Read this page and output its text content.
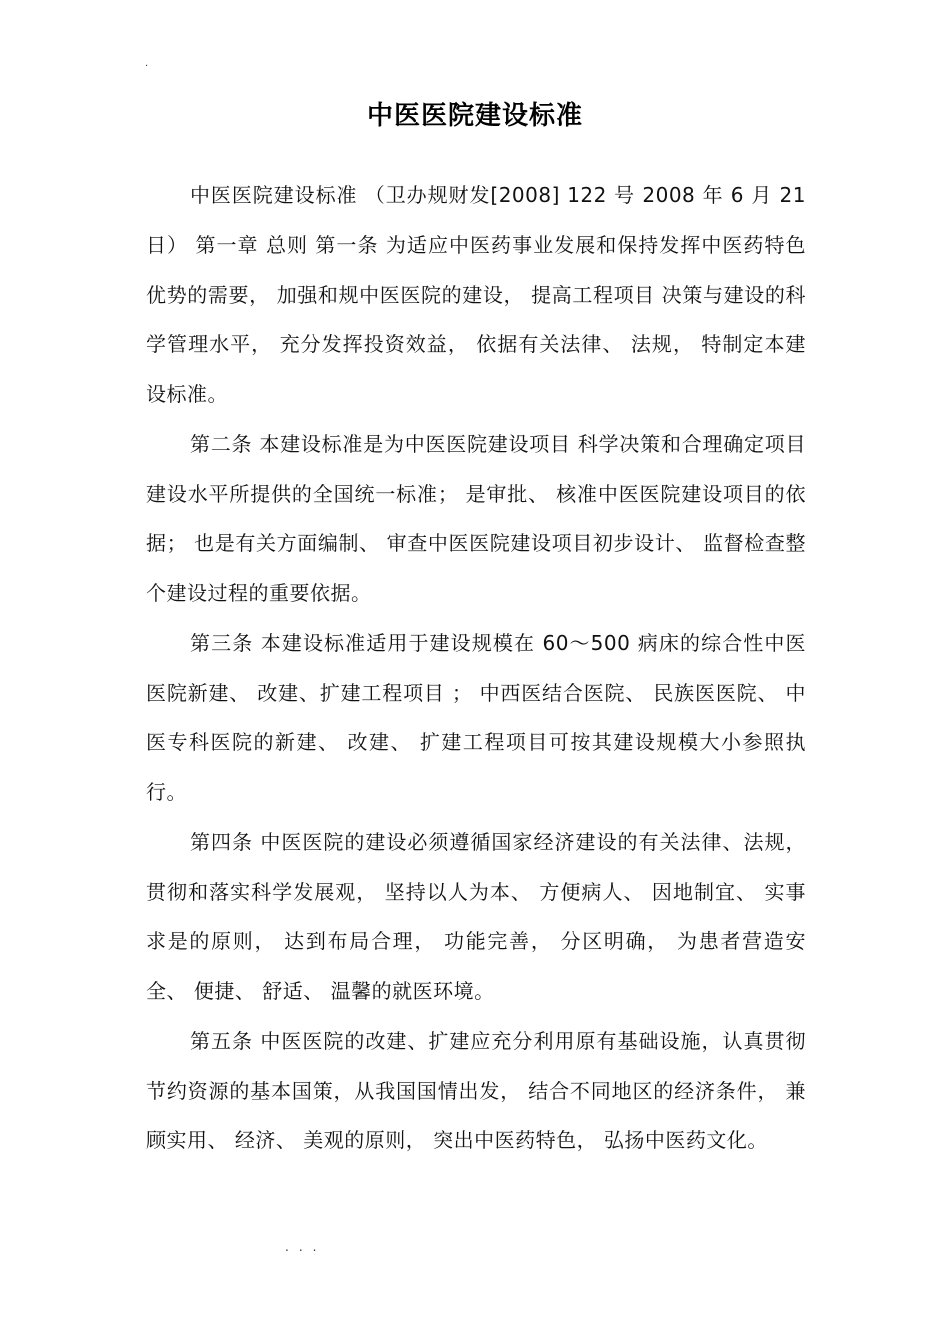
.
中医医院建设标准

中医医院建设标准 （卫办规财发[2008] 122 号 2008 年 6 月 21 日） 第一章 总则 第一条 为适应中医药事业发展和保持发挥中医药特色优势的需要， 加强和规中医医院的建设， 提高工程项目 决策与建设的科学管理水平， 充分发挥投资效益， 依据有关法律、 法规， 特制定本建设标准。

第二条 本建设标准是为中医医院建设项目 科学决策和合理确定项目 建设水平所提供的全国统一标准； 是审批、 核准中医医院建设项目的依据； 也是有关方面编制、 审查中医医院建设项目初步设计、 监督检查整个建设过程的重要依据。

第三条 本建设标准适用于建设规模在 60～500 病床的综合性中医医院新建、 改建、扩建工程项目 ； 中西医结合医院、 民族医医院、 中医专科医院的新建、 改建、 扩建工程项目可按其建设规模大小参照执行。

第四条 中医医院的建设必须遵循国家经济建设的有关法律、法规， 贯彻和落实科学发展观， 坚持以人为本、 方便病人、 因地制宜、 实事求是的原则， 达到布局合理， 功能完善， 分区明确， 为患者营造安全、 便捷、 舒适、 温馨的就医环境。

第五条 中医医院的改建、扩建应充分利用原有基础设施，认真贯彻节约资源的基本国策，从我国国情出发， 结合不同地区的经济条件， 兼顾实用、 经济、 美观的原则， 突出中医药特色， 弘扬中医药文化。

...
